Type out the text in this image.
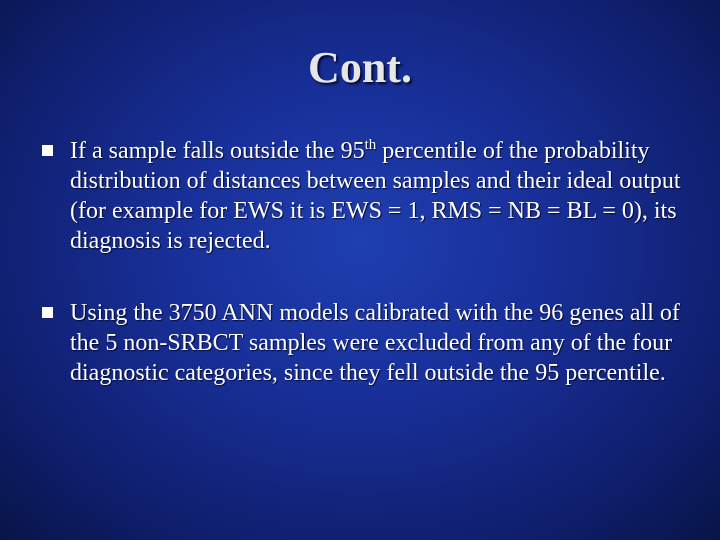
Cont.
If a sample falls outside the 95th percentile of the probability distribution of distances between samples and their ideal output (for example for EWS it is EWS = 1, RMS = NB = BL = 0), its diagnosis is rejected.
Using the 3750 ANN models calibrated with the 96 genes all of the 5 non-SRBCT samples were excluded from any of the four diagnostic categories, since they fell outside the 95 percentile.
